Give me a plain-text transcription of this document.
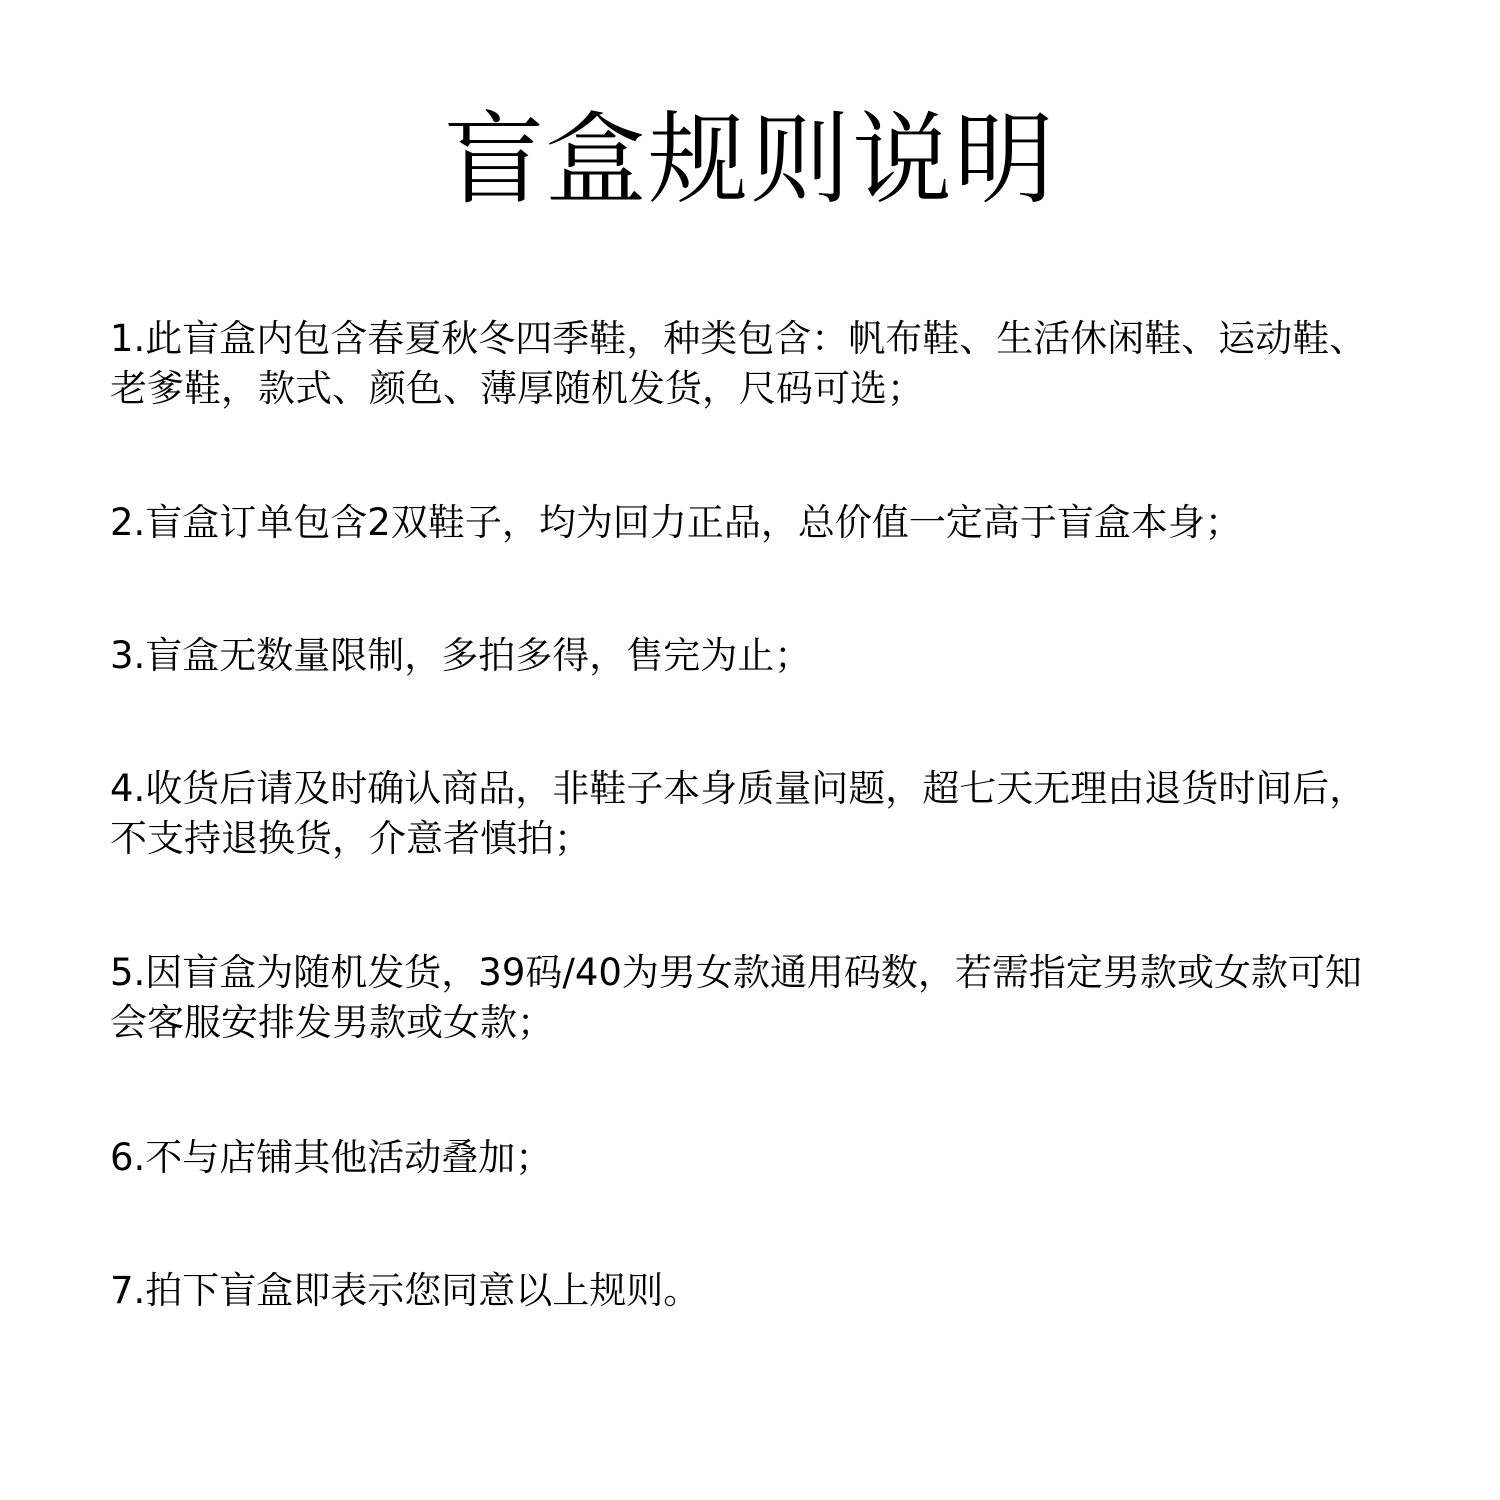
盲盒规则说明
1.此盲盒内包含春夏秋冬四季鞋，种类包含：帆布鞋、生活休闲鞋、运动鞋、
老爹鞋，款式、颜色、薄厚随机发货，尺码可选；
2.盲盒订单包含2双鞋子，均为回力正品，总价值一定高于盲盒本身；
3.盲盒无数量限制，多拍多得，售完为止；
4.收货后请及时确认商品，非鞋子本身质量问题，超七天无理由退货时间后，
不支持退换货，介意者慎拍；
5.因盲盒为随机发货，39码/40为男女款通用码数，若需指定男款或女款可知
会客服安排发男款或女款；
6.不与店铺其他活动叠加；
7.拍下盲盒即表示您同意以上规则。
